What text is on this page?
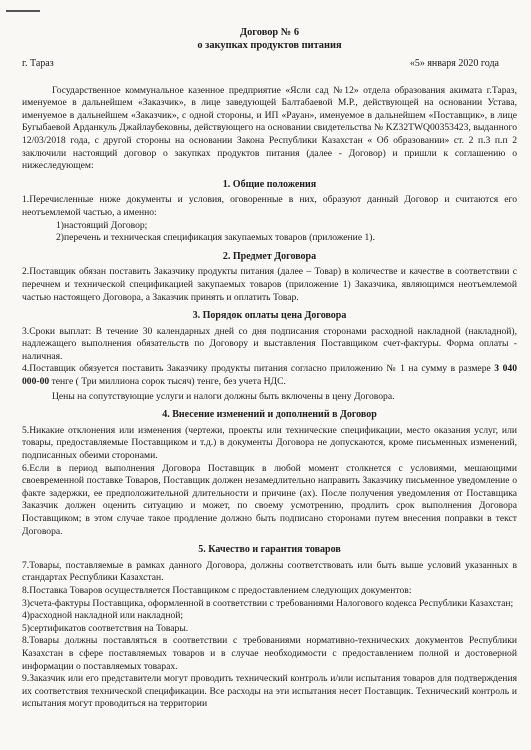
Договор № 6

о закупках продуктов питания

г. Тараз	«5» января 2020 года

Государственное коммунальное казенное предприятие «Ясли сад №12» отдела образования акимата г.Тараз, именуемое в дальнейшем «Заказчик», в лице заведующей Балтабаевой М.Р., действующей на основании Устава, именуемое в дальнейшем «Заказчик», с одной стороны, и ИП «Рауан», именуемое в дальнейшем «Поставщик», в лице Бугыбаевой Арданкуль Джайлаубековны, действующего на основании свидетельства № KZ32TWQ00353423, выданного 12/03/2018 года, с другой стороны на основании Закона Республики Казахстан « Об образовании» ст. 2 п.3 п.п 2 заключили настоящий договор о закупках продуктов питания (далее - Договор) и пришли к соглашению о нижеследующем:

1. Общие положения

1.Перечисленные ниже документы и условия, оговоренные в них, образуют данный Договор и считаются его неотъемлемой частью, а именно:

1)настоящий Договор;

2)перечень и техническая спецификация закупаемых товаров (приложение 1).

2. Предмет Договора

2.Поставщик обязан поставить Заказчику продукты питания (далее – Товар) в количестве и качестве в соответствии с перечнем и технической спецификацией закупаемых товаров (приложение 1) Заказчика, являющимся неотъемлемой частью настоящего Договора, а Заказчик принять и оплатить Товар.

3. Порядок оплаты цена Договора

3.Сроки выплат: В течение 30 календарных дней со дня подписания сторонами расходной накладной (накладной), надлежащего выполнения обязательств по Договору и выставления Поставщиком счет-фактуры. Форма оплаты - наличная.

4.Поставщик обязуется поставить Заказчику продукты питания согласно приложению № 1 на сумму в размере 3 040 000-00 тенге ( Три миллиона сорок тысяч) тенге, без учета НДС.

Цены на сопутствующие услуги и налоги должны быть включены в цену Договора.

4. Внесение изменений и дополнений в Договор

5.Никакие отклонения или изменения (чертежи, проекты или технические спецификации, место оказания услуг, или товары, предоставляемые Поставщиком и т.д.) в документы Договора не допускаются, кроме письменных изменений, подписанных обеими сторонами.

6.Если в период выполнения Договора Поставщик в любой момент столкнется с условиями, мешающими своевременной поставке Товаров, Поставщик должен незамедлительно направить Заказчику письменное уведомление о факте задержки, ее предположительной длительности и причине (ах). После получения уведомления от Поставщика Заказчик должен оценить ситуацию и может, по своему усмотрению, продлить срок выполнения Договора Поставщиком; в этом случае такое продление должно быть подписано сторонами путем внесения поправки в текст Договора.

5. Качество и гарантия товаров

7.Товары, поставляемые в рамках данного Договора, должны соответствовать или быть выше условий указанных в стандартах Республики Казахстан.

8.Поставка Товаров осуществляется Поставщиком с предоставлением следующих документов:

3)счета-фактуры Поставщика, оформленной в соответствии с требованиями Налогового кодекса Республики Казахстан;

4)расходной накладной или накладной;

5)сертификатов соответствия на Товары.

8.Товары должны поставляться в соответствии с требованиями нормативно-технических документов Республики Казахстан в сфере поставляемых товаров и в случае необходимости с предоставлением полной и достоверной информации о поставляемых товарах.

9.Заказчик или его представители могут проводить технический контроль и/или испытания товаров для подтверждения их соответствия технической спецификации. Все расходы на эти испытания несет Поставщик. Технический контроль и испытания могут проводиться на территории
